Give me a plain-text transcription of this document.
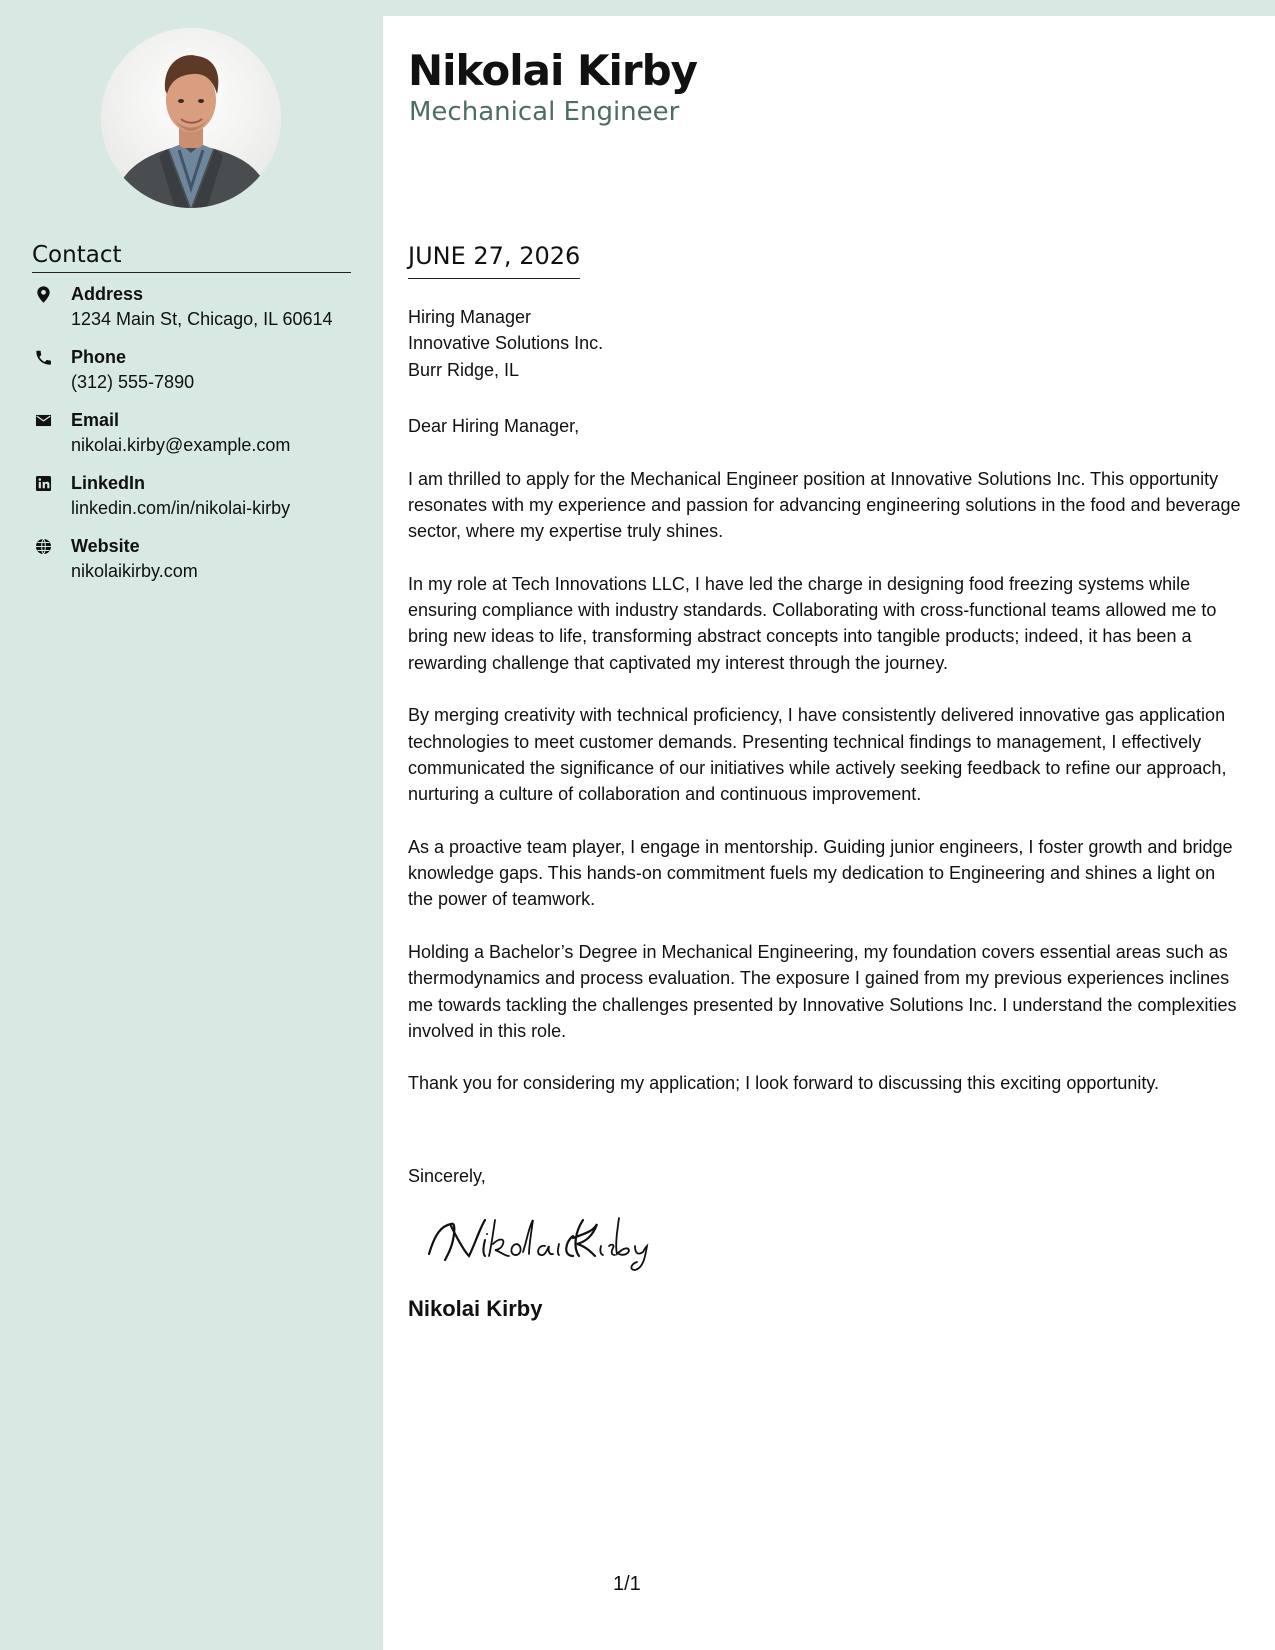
Contact
Address
1234 Main St, Chicago, IL 60614
Phone
(312) 555-7890
Email
nikolai.kirby@example.com
LinkedIn
linkedin.com/in/nikolai-kirby
Website
nikolaikirby.com
Nikolai Kirby
Mechanical Engineer
JUNE 27, 2026
Hiring Manager
Innovative Solutions Inc.
Burr Ridge, IL

Dear Hiring Manager,

I am thrilled to apply for the Mechanical Engineer position at Innovative Solutions Inc. This opportunity resonates with my experience and passion for advancing engineering solutions in the food and beverage sector, where my expertise truly shines.

In my role at Tech Innovations LLC, I have led the charge in designing food freezing systems while ensuring compliance with industry standards. Collaborating with cross-functional teams allowed me to bring new ideas to life, transforming abstract concepts into tangible products; indeed, it has been a rewarding challenge that captivated my interest through the journey.

By merging creativity with technical proficiency, I have consistently delivered innovative gas application technologies to meet customer demands. Presenting technical findings to management, I effectively communicated the significance of our initiatives while actively seeking feedback to refine our approach, nurturing a culture of collaboration and continuous improvement.

As a proactive team player, I engage in mentorship. Guiding junior engineers, I foster growth and bridge knowledge gaps. This hands-on commitment fuels my dedication to Engineering and shines a light on the power of teamwork.

Holding a Bachelor’s Degree in Mechanical Engineering, my foundation covers essential areas such as thermodynamics and process evaluation. The exposure I gained from my previous experiences inclines me towards tackling the challenges presented by Innovative Solutions Inc. I understand the complexities involved in this role.

Thank you for considering my application; I look forward to discussing this exciting opportunity.

Sincerely,
Nikolai Kirby
1/1
